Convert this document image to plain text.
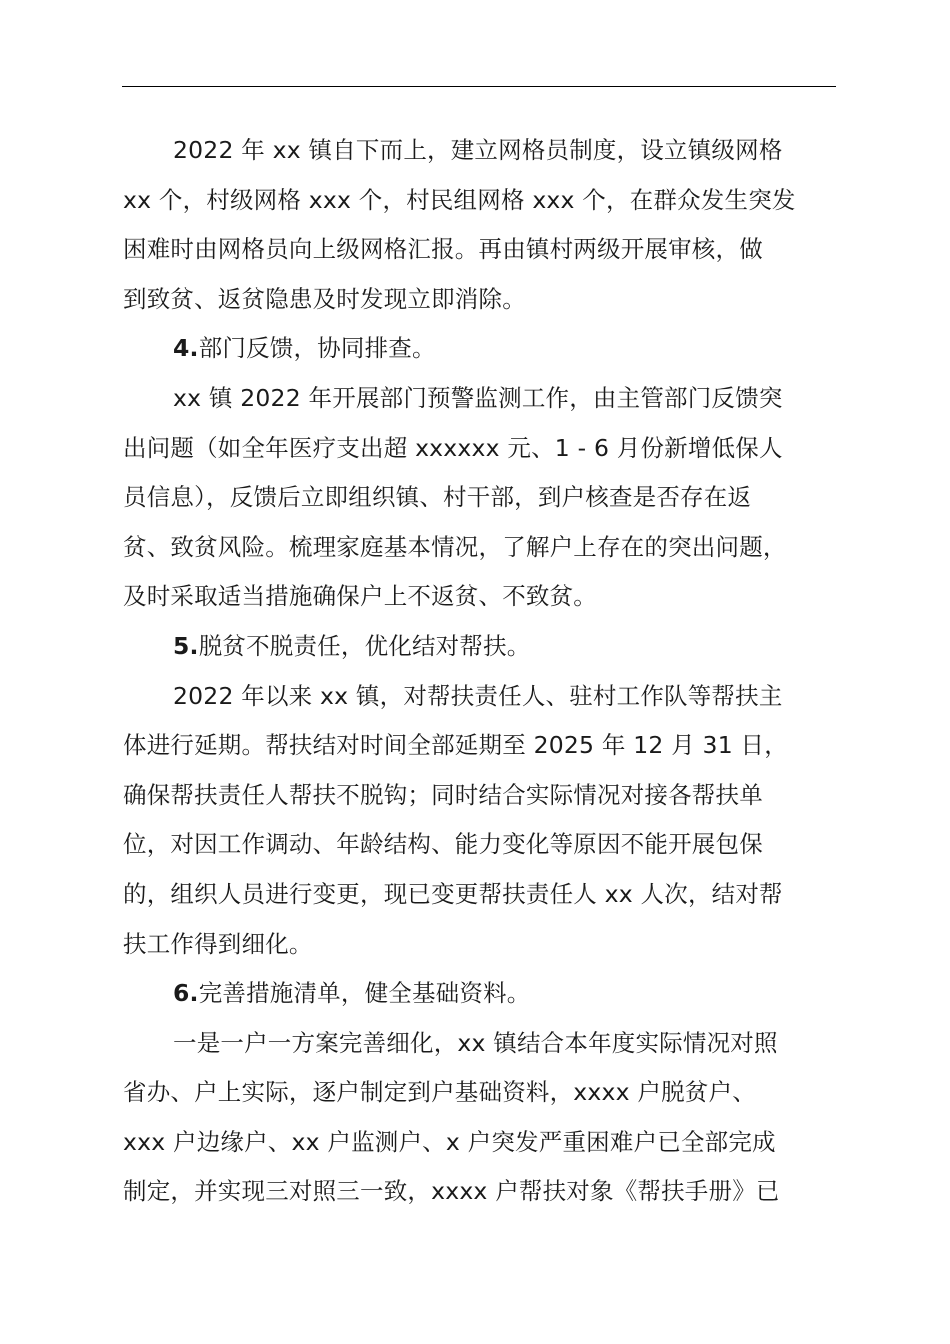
2022 年 xx 镇自下而上，建立网格员制度，设立镇级网格
xx 个，村级网格 xxx 个，村民组网格 xxx 个，在群众发生突发
困难时由网格员向上级网格汇报。再由镇村两级开展审核，做
到致贫、返贫隐患及时发现立即消除。
4.部门反馈，协同排查。
xx 镇 2022 年开展部门预警监测工作，由主管部门反馈突
出问题（如全年医疗支出超 xxxxxx 元、1 - 6 月份新增低保人
员信息），反馈后立即组织镇、村干部，到户核查是否存在返
贫、致贫风险。梳理家庭基本情况，了解户上存在的突出问题，
及时采取适当措施确保户上不返贫、不致贫。
5.脱贫不脱责任，优化结对帮扶。
2022 年以来 xx 镇，对帮扶责任人、驻村工作队等帮扶主
体进行延期。帮扶结对时间全部延期至 2025 年 12 月 31 日，
确保帮扶责任人帮扶不脱钩；同时结合实际情况对接各帮扶单
位，对因工作调动、年龄结构、能力变化等原因不能开展包保
的，组织人员进行变更，现已变更帮扶责任人 xx 人次，结对帮
扶工作得到细化。
6.完善措施清单，健全基础资料。
一是一户一方案完善细化，xx 镇结合本年度实际情况对照
省办、户上实际，逐户制定到户基础资料，xxxx 户脱贫户、
xxx 户边缘户、xx 户监测户、x 户突发严重困难户已全部完成
制定，并实现三对照三一致，xxxx 户帮扶对象《帮扶手册》已
